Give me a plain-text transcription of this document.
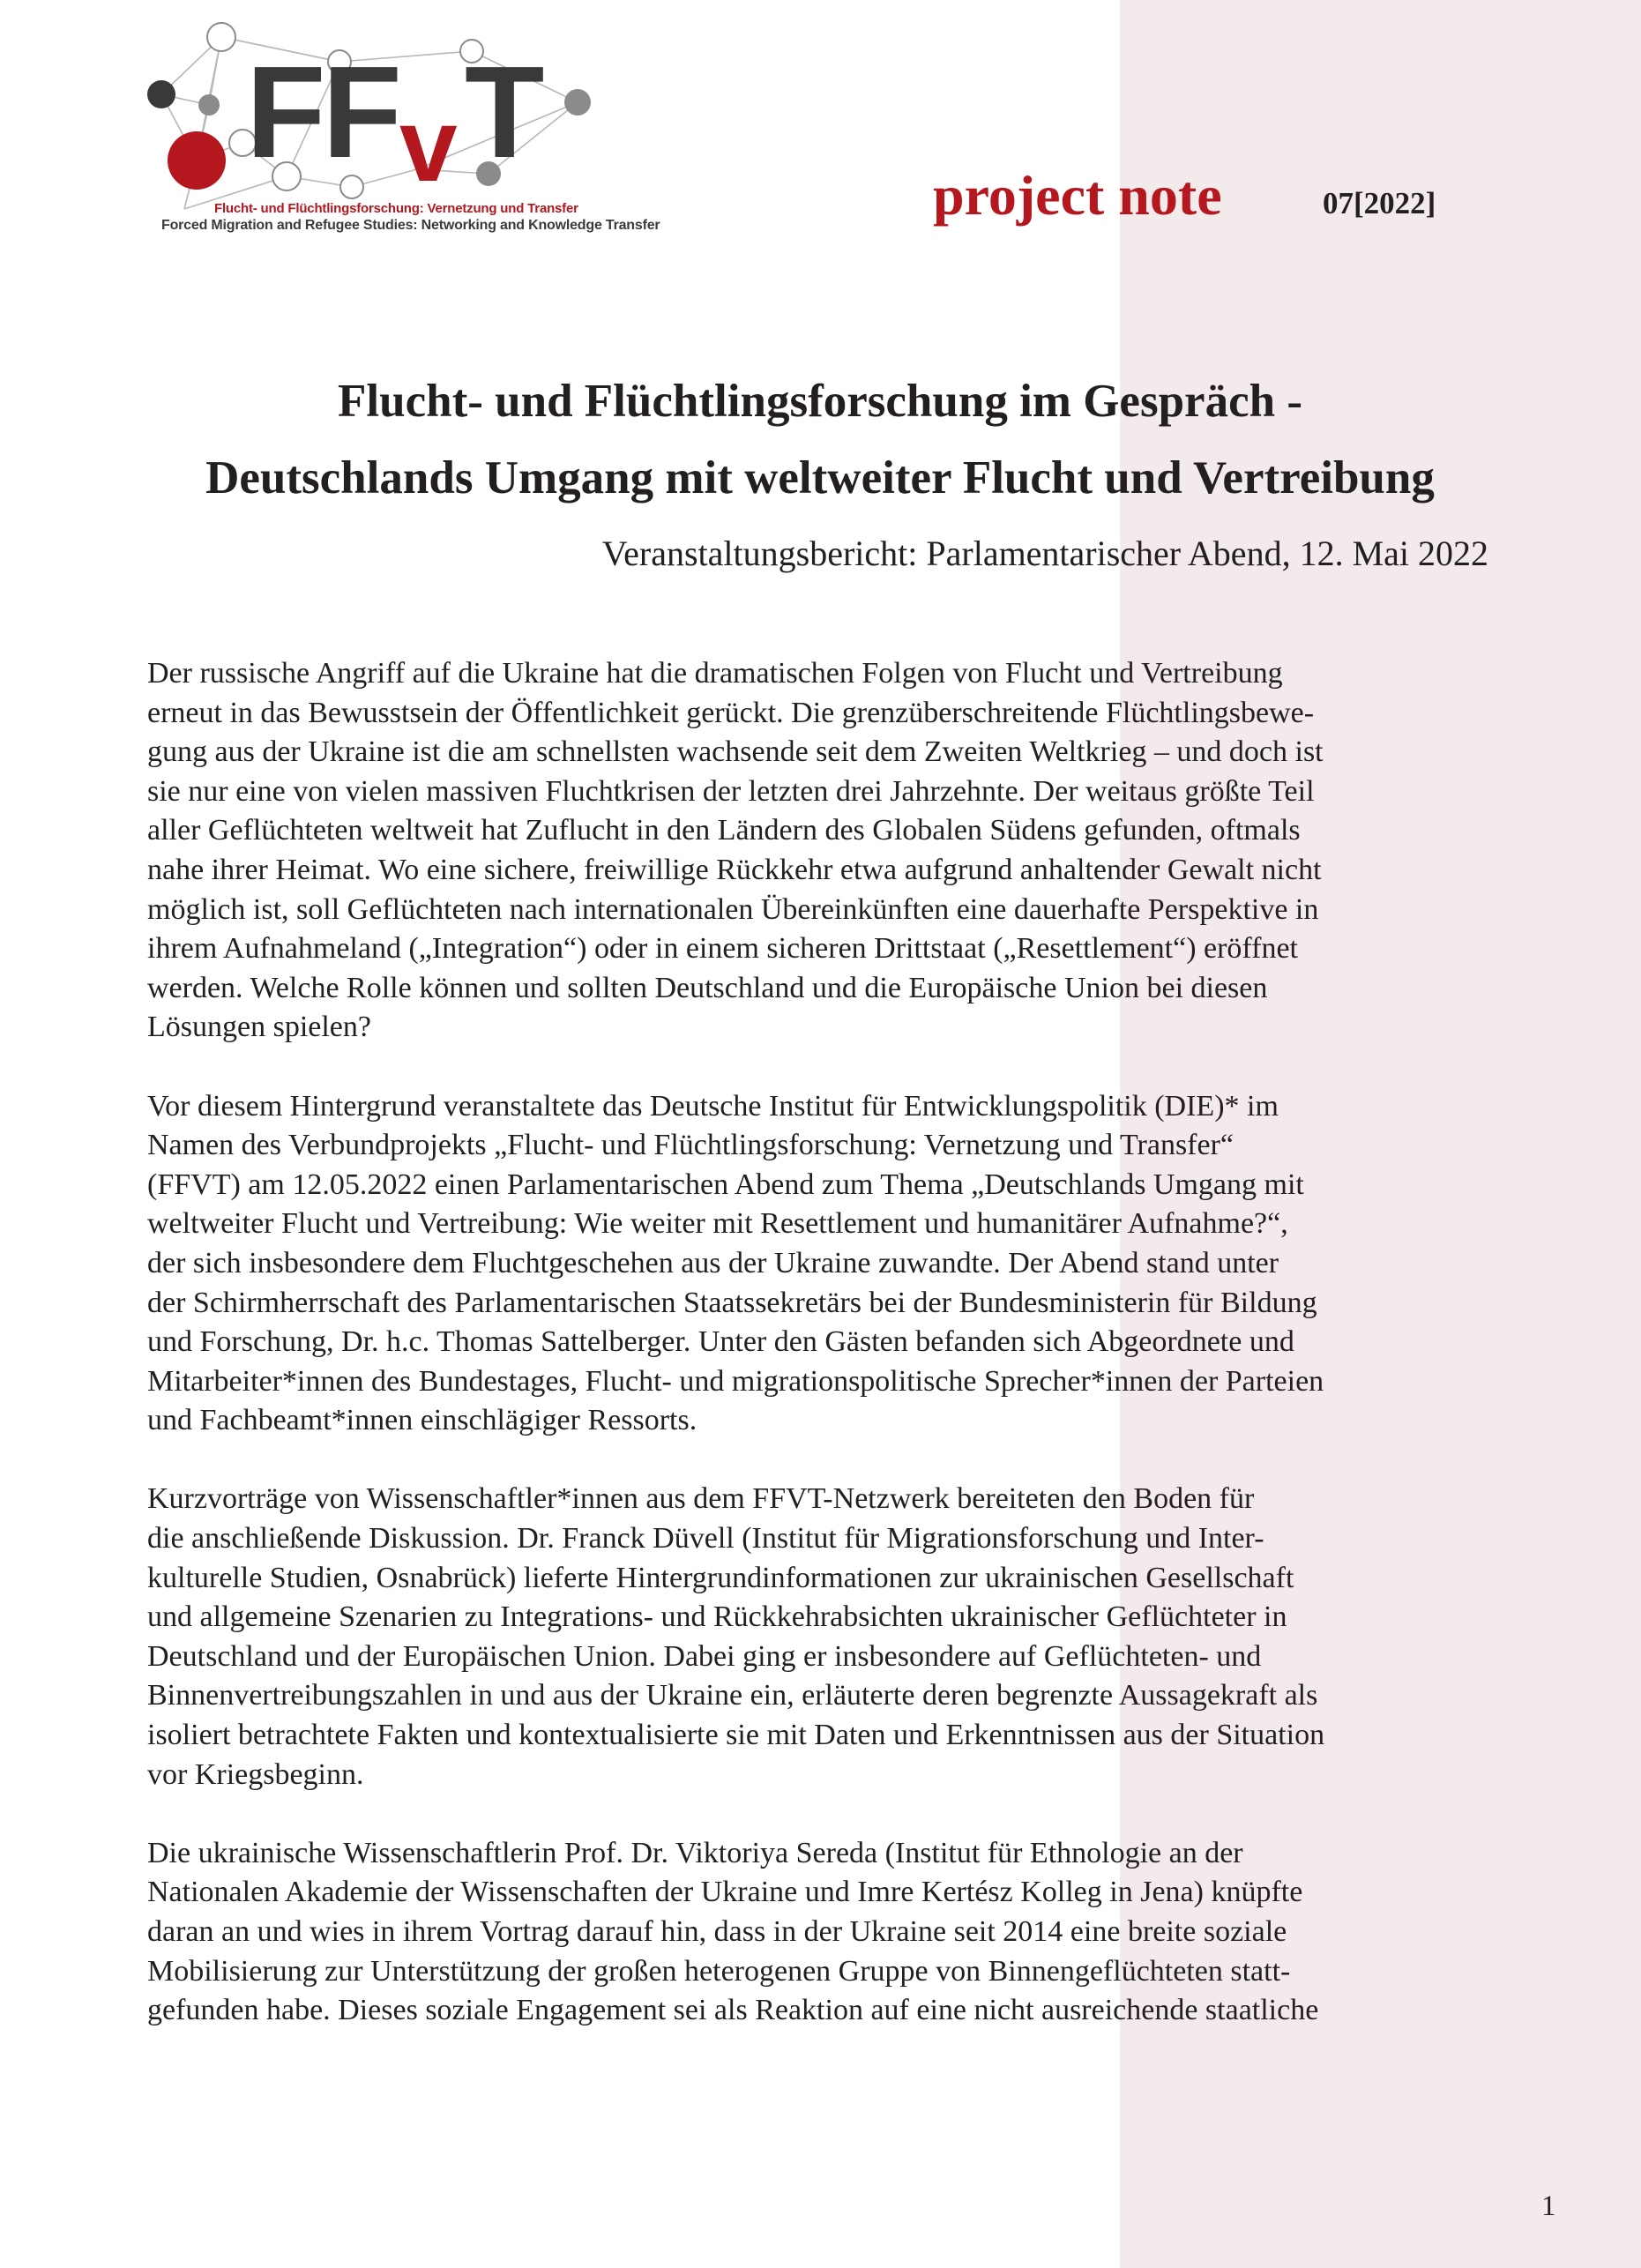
FF v T
Flucht- und Flüchtlingsforschung: Vernetzung und Transfer
Forced Migration and Refugee Studies: Networking and Knowledge Transfer	project note	07[2022]
Flucht- und Flüchtlingsforschung im Gespräch -
Deutschlands Umgang mit weltweiter Flucht und Vertreibung
Veranstaltungsbericht: Parlamentarischer Abend, 12. Mai 2022
Der russische Angriff auf die Ukraine hat die dramatischen Folgen von Flucht und Vertreibung
erneut in das Bewusstsein der Öffentlichkeit gerückt. Die grenzüberschreitende Flüchtlingsbewe-
gung aus der Ukraine ist die am schnellsten wachsende seit dem Zweiten Weltkrieg – und doch ist
sie nur eine von vielen massiven Fluchtkrisen der letzten drei Jahrzehnte. Der weitaus größte Teil
aller Geflüchteten weltweit hat Zuflucht in den Ländern des Globalen Südens gefunden, oftmals
nahe ihrer Heimat. Wo eine sichere, freiwillige Rückkehr etwa aufgrund anhaltender Gewalt nicht
möglich ist, soll Geflüchteten nach internationalen Übereinkünften eine dauerhafte Perspektive in
ihrem Aufnahmeland („Integration“) oder in einem sicheren Drittstaat („Resettlement“) eröffnet
werden. Welche Rolle können und sollten Deutschland und die Europäische Union bei diesen
Lösungen spielen?
Vor diesem Hintergrund veranstaltete das Deutsche Institut für Entwicklungspolitik (DIE)* im
Namen des Verbundprojekts „Flucht- und Flüchtlingsforschung: Vernetzung und Transfer“
(FFVT) am 12.05.2022 einen Parlamentarischen Abend zum Thema „Deutschlands Umgang mit
weltweiter Flucht und Vertreibung: Wie weiter mit Resettlement und humanitärer Aufnahme?“,
der sich insbesondere dem Fluchtgeschehen aus der Ukraine zuwandte. Der Abend stand unter
der Schirmherrschaft des Parlamentarischen Staatssekretärs bei der Bundesministerin für Bildung
und Forschung, Dr. h.c. Thomas Sattelberger. Unter den Gästen befanden sich Abgeordnete und
Mitarbeiter*innen des Bundestages, Flucht- und migrationspolitische Sprecher*innen der Parteien
und Fachbeamt*innen einschlägiger Ressorts.
Kurzvorträge von Wissenschaftler*innen aus dem FFVT-Netzwerk bereiteten den Boden für
die anschließende Diskussion. Dr. Franck Düvell (Institut für Migrationsforschung und Inter-
kulturelle Studien, Osnabrück) lieferte Hintergrundinformationen zur ukrainischen Gesellschaft
und allgemeine Szenarien zu Integrations- und Rückkehrabsichten ukrainischer Geflüchteter in
Deutschland und der Europäischen Union. Dabei ging er insbesondere auf Geflüchteten- und
Binnenvertreibungszahlen in und aus der Ukraine ein, erläuterte deren begrenzte Aussagekraft als
isoliert betrachtete Fakten und kontextualisierte sie mit Daten und Erkenntnissen aus der Situation
vor Kriegsbeginn.
Die ukrainische Wissenschaftlerin Prof. Dr. Viktoriya Sereda (Institut für Ethnologie an der
Nationalen Akademie der Wissenschaften der Ukraine und Imre Kertész Kolleg in Jena) knüpfte
daran an und wies in ihrem Vortrag darauf hin, dass in der Ukraine seit 2014 eine breite soziale
Mobilisierung zur Unterstützung der großen heterogenen Gruppe von Binnengeflüchteten statt-
gefunden habe. Dieses soziale Engagement sei als Reaktion auf eine nicht ausreichende staatliche
1
